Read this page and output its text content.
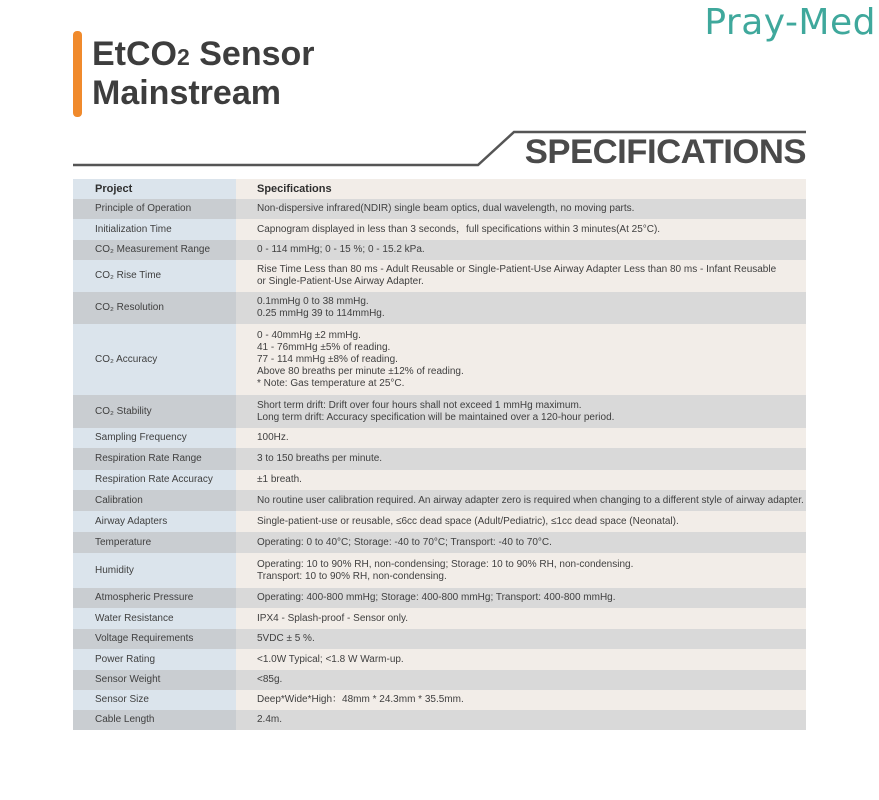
Pray-Med
EtCO2 Sensor
Mainstream
SPECIFICATIONS
Project	Specifications
Principle of Operation	Non-dispersive infrared(NDIR) single beam optics, dual wavelength, no moving parts.
Initialization Time	Capnogram displayed in less than 3 seconds，full specifications within 3 minutes(At 25°C).
CO₂ Measurement Range	0 - 114 mmHg; 0 - 15 %; 0 - 15.2 kPa.
CO₂ Rise Time	Rise Time Less than 80 ms - Adult Reusable or Single-Patient-Use Airway Adapter Less than 80 ms - Infant Reusable
or Single-Patient-Use Airway Adapter.
CO₂ Resolution	0.1mmHg 0 to 38 mmHg.
0.25 mmHg 39 to 114mmHg.
CO₂ Accuracy	0 - 40mmHg ±2 mmHg.
41 - 76mmHg ±5% of reading.
77 - 114 mmHg ±8% of reading.
Above 80 breaths per minute ±12% of reading.
* Note: Gas temperature at 25°C.
CO₂ Stability	Short term drift: Drift over four hours shall not exceed 1 mmHg maximum.
Long term drift: Accuracy specification will be maintained over a 120-hour period.
Sampling Frequency	100Hz.
Respiration Rate Range	3 to 150 breaths per minute.
Respiration Rate Accuracy	±1 breath.
Calibration	No routine user calibration required. An airway adapter zero is required when changing to a different style of airway adapter.
Airway Adapters	Single-patient-use or reusable, ≤6cc dead space (Adult/Pediatric), ≤1cc dead space (Neonatal).
Temperature	Operating: 0 to 40°C; Storage: -40 to 70°C; Transport: -40 to 70°C.
Humidity	Operating: 10 to 90% RH, non-condensing; Storage: 10 to 90% RH, non-condensing.
Transport: 10 to 90% RH, non-condensing.
Atmospheric Pressure	Operating: 400-800 mmHg; Storage: 400-800 mmHg; Transport: 400-800 mmHg.
Water Resistance	IPX4 - Splash-proof - Sensor only.
Voltage Requirements	5VDC ± 5 %.
Power Rating	<1.0W Typical; <1.8 W Warm-up.
Sensor Weight	<85g.
Sensor Size	Deep*Wide*High：48mm * 24.3mm * 35.5mm.
Cable Length	2.4m.
